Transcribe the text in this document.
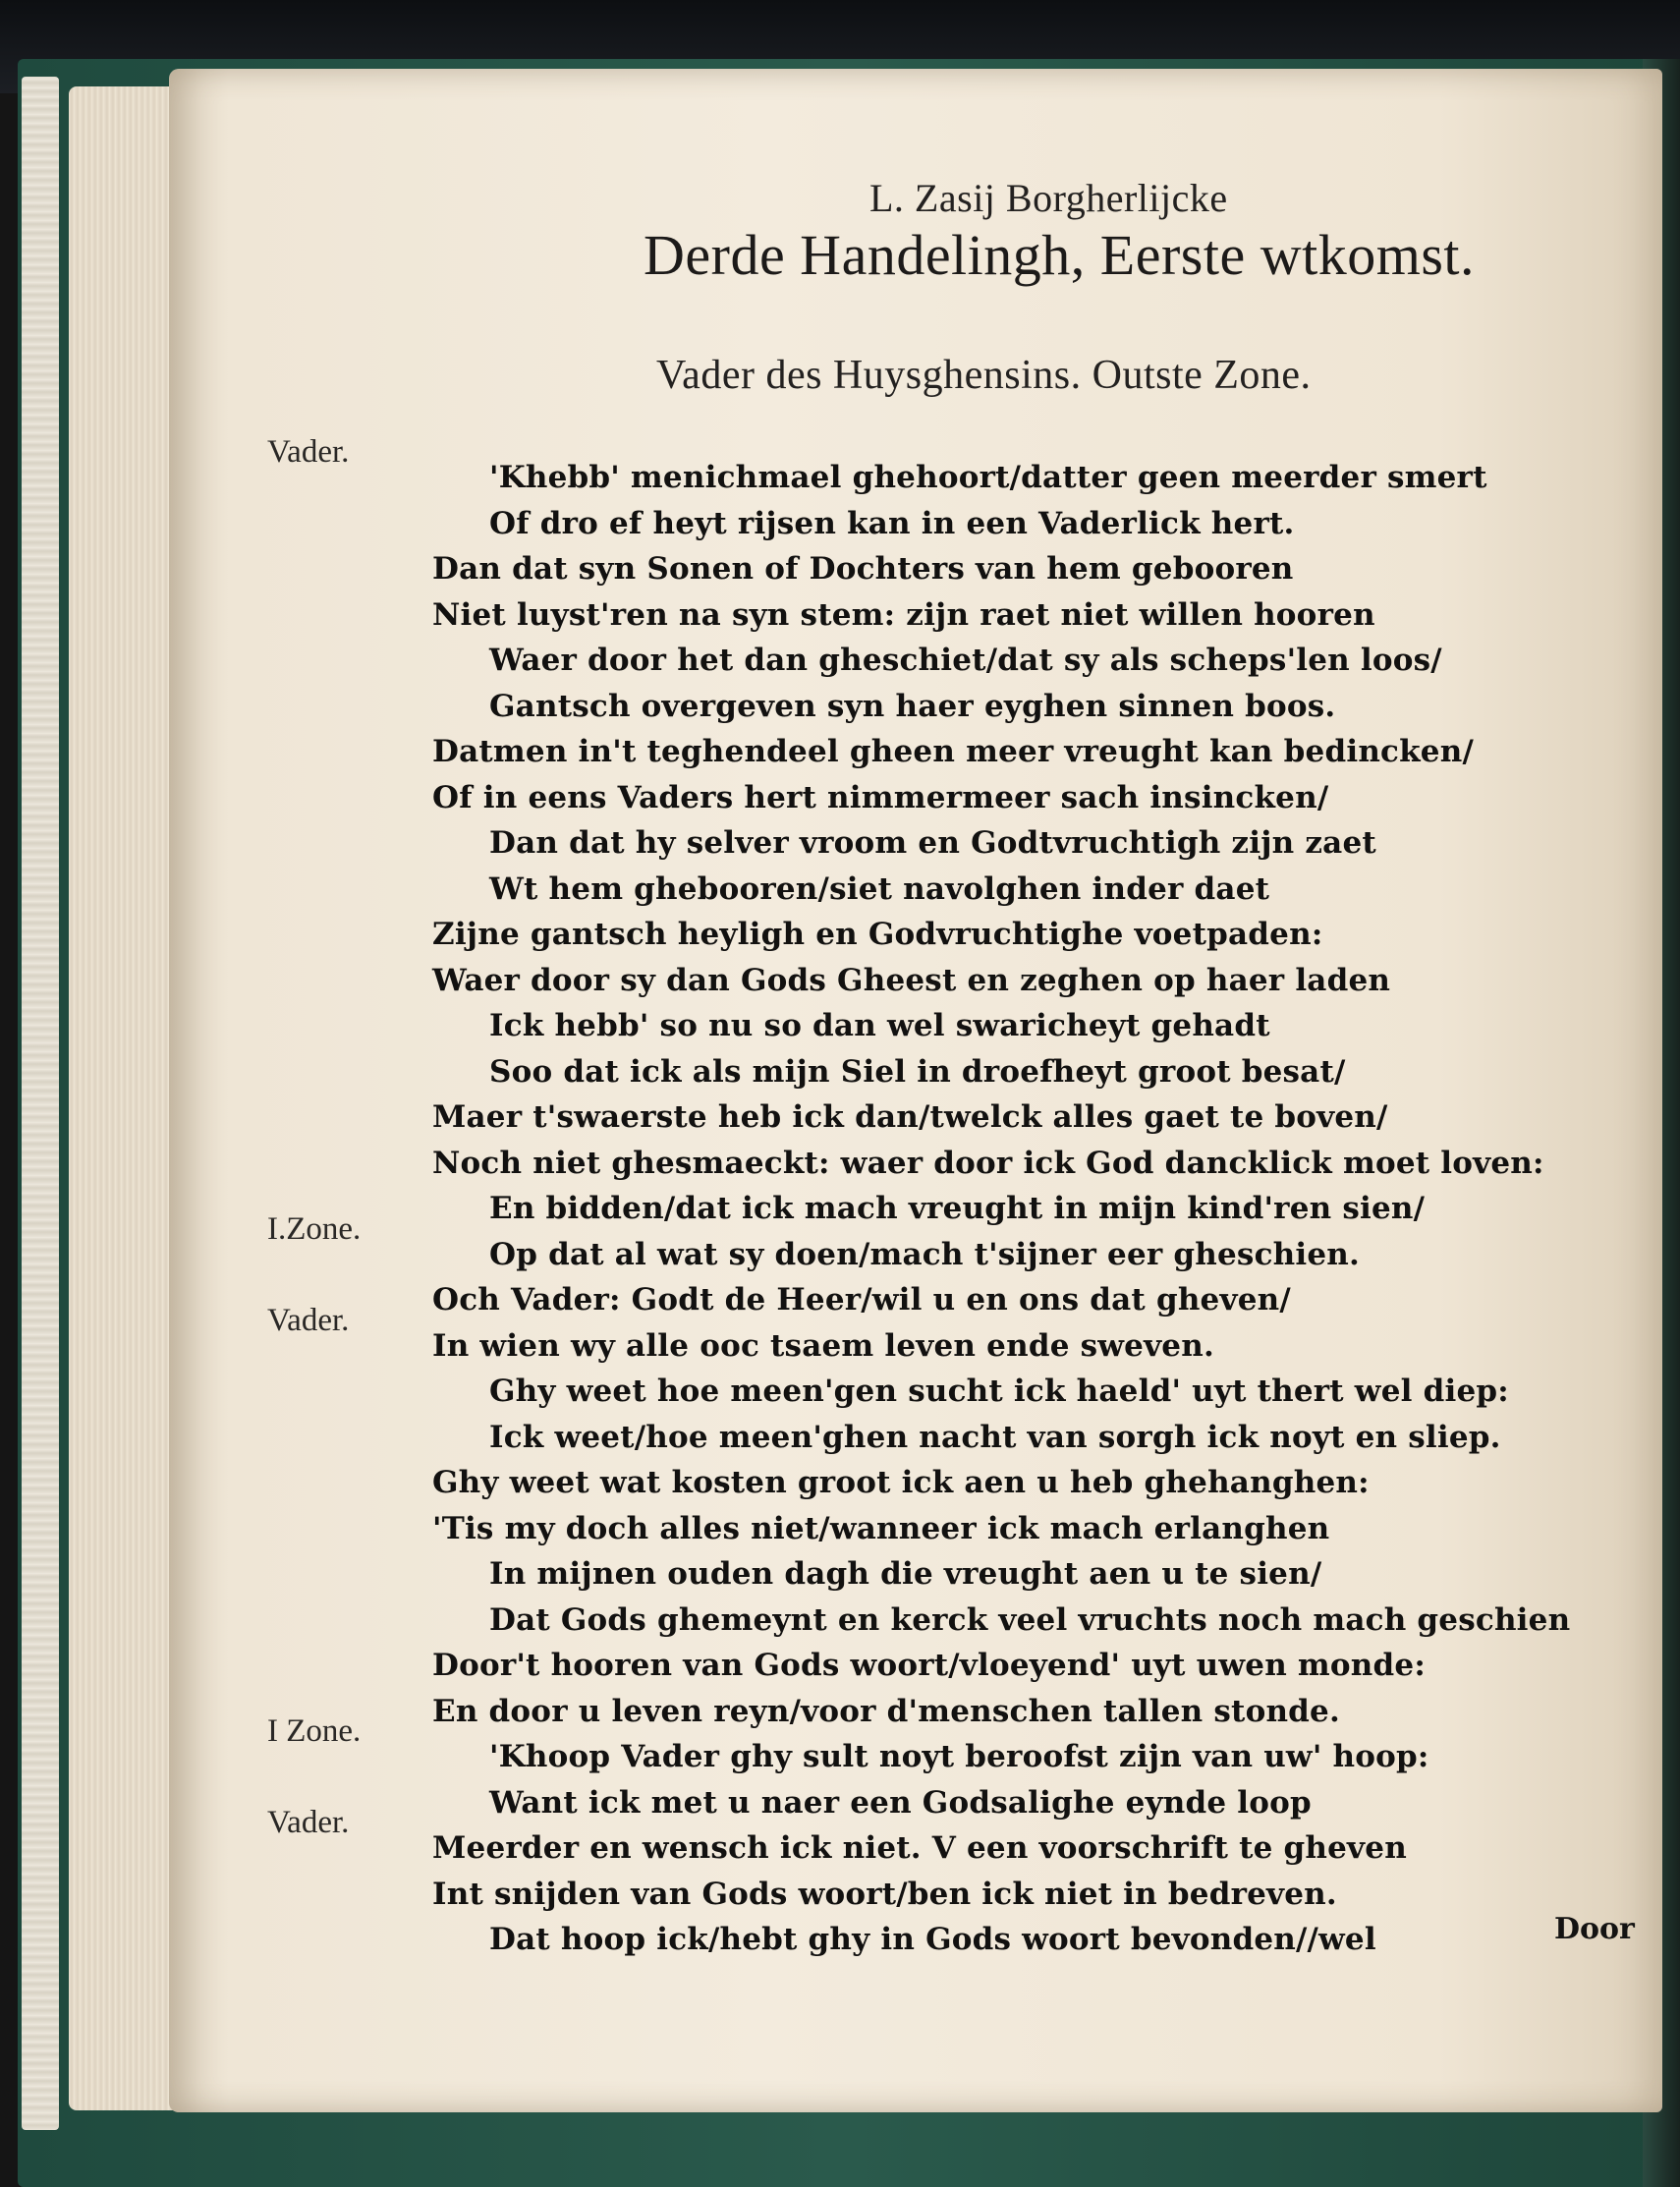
L. Zasij Borgherlijcke
Derde Handelingh, Eerste wtkomst.
Vader des Huysghensins. Outste Zone.
Vader.
I.Zone.
Vader.
I Zone.
Vader.
'Khebb' menichmael ghehoort/datter geen meerder smert
Of dro ef heyt rijsen kan in een Vaderlick hert.
Dan dat syn Sonen of Dochters van hem gebooren
Niet luyst'ren na syn stem: zijn raet niet willen hooren
Waer door het dan gheschiet/dat sy als scheps'len loos/
Gantsch overgeven syn haer eyghen sinnen boos.
Datmen in't teghendeel gheen meer vreught kan bedincken/
Of in eens Vaders hert nimmermeer sach insincken/
Dan dat hy selver vroom en Godtvruchtigh zijn zaet
Wt hem ghebooren/siet navolghen inder daet
Zijne gantsch heyligh en Godvruchtighe voetpaden:
Waer door sy dan Gods Gheest en zeghen op haer laden
Ick hebb' so nu so dan wel swaricheyt gehadt
Soo dat ick als mijn Siel in droefheyt groot besat/
Maer t'swaerste heb ick dan/twelck alles gaet te boven/
Noch niet ghesmaeckt: waer door ick God dancklick moet loven:
En bidden/dat ick mach vreught in mijn kind'ren sien/
Op dat al wat sy doen/mach t'sijner eer gheschien.
Och Vader: Godt de Heer/wil u en ons dat gheven/
In wien wy alle ooc tsaem leven ende sweven.
Ghy weet hoe meen'gen sucht ick haeld' uyt thert wel diep:
Ick weet/hoe meen'ghen nacht van sorgh ick noyt en sliep.
Ghy weet wat kosten groot ick aen u heb ghehanghen:
'Tis my doch alles niet/wanneer ick mach erlanghen
In mijnen ouden dagh die vreught aen u te sien/
Dat Gods ghemeynt en kerck veel vruchts noch mach geschien
Door't hooren van Gods woort/vloeyend' uyt uwen monde:
En door u leven reyn/voor d'menschen tallen stonde.
'Khoop Vader ghy sult noyt beroofst zijn van uw' hoop:
Want ick met u naer een Godsalighe eynde loop
Meerder en wensch ick niet. V een voorschrift te gheven
Int snijden van Gods woort/ben ick niet in bedreven.
Dat hoop ick/hebt ghy in Gods woort bevonden//wel	Door
